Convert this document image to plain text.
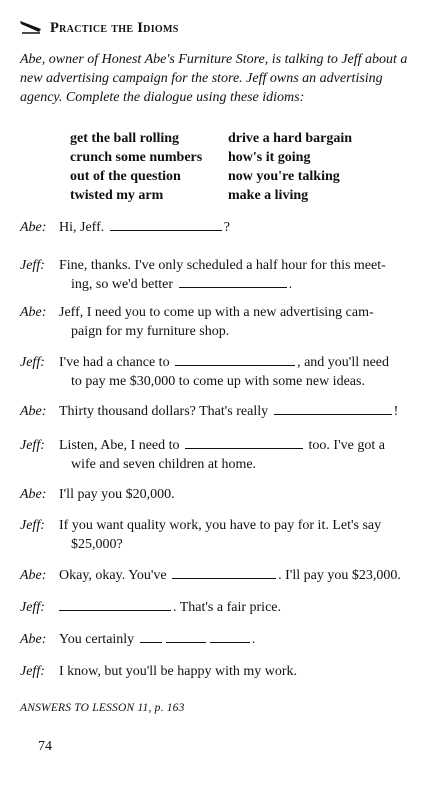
Practice the Idioms
Abe, owner of Honest Abe's Furniture Store, is talking to Jeff about a new advertising campaign for the store. Jeff owns an advertising agency. Complete the dialogue using these idioms:
get the ball rolling	drive a hard bargain
crunch some numbers	how's it going
out of the question	now you're talking
twisted my arm	make a living
Abe: Hi, Jeff.	?
Jeff:	Fine, thanks. I've only scheduled a half hour for this meet-
ing, so we'd better	.
Abe: Jeff, I need you to come up with a new advertising cam-
paign for my furniture shop.
Jeff:	I've had a chance to	, and you'll need
to pay me $30,000 to come up with some new ideas.
Abe: Thirty thousand dollars? That's really	!
Jeff:	Listen, Abe, I need to	too. I've got a
wife and seven children at home.
Abe: I'll pay you $20,000.
Jeff:	If you want quality work, you have to pay for it. Let's say
$25,000?
Abe: Okay, okay. You've	. I'll pay you $23,000.
Jeff:	. That's a fair price.
Abe: You certainly	.
Jeff:	I know, but you'll be happy with my work.
ANSWERS TO LESSON 11, p. 163
74
